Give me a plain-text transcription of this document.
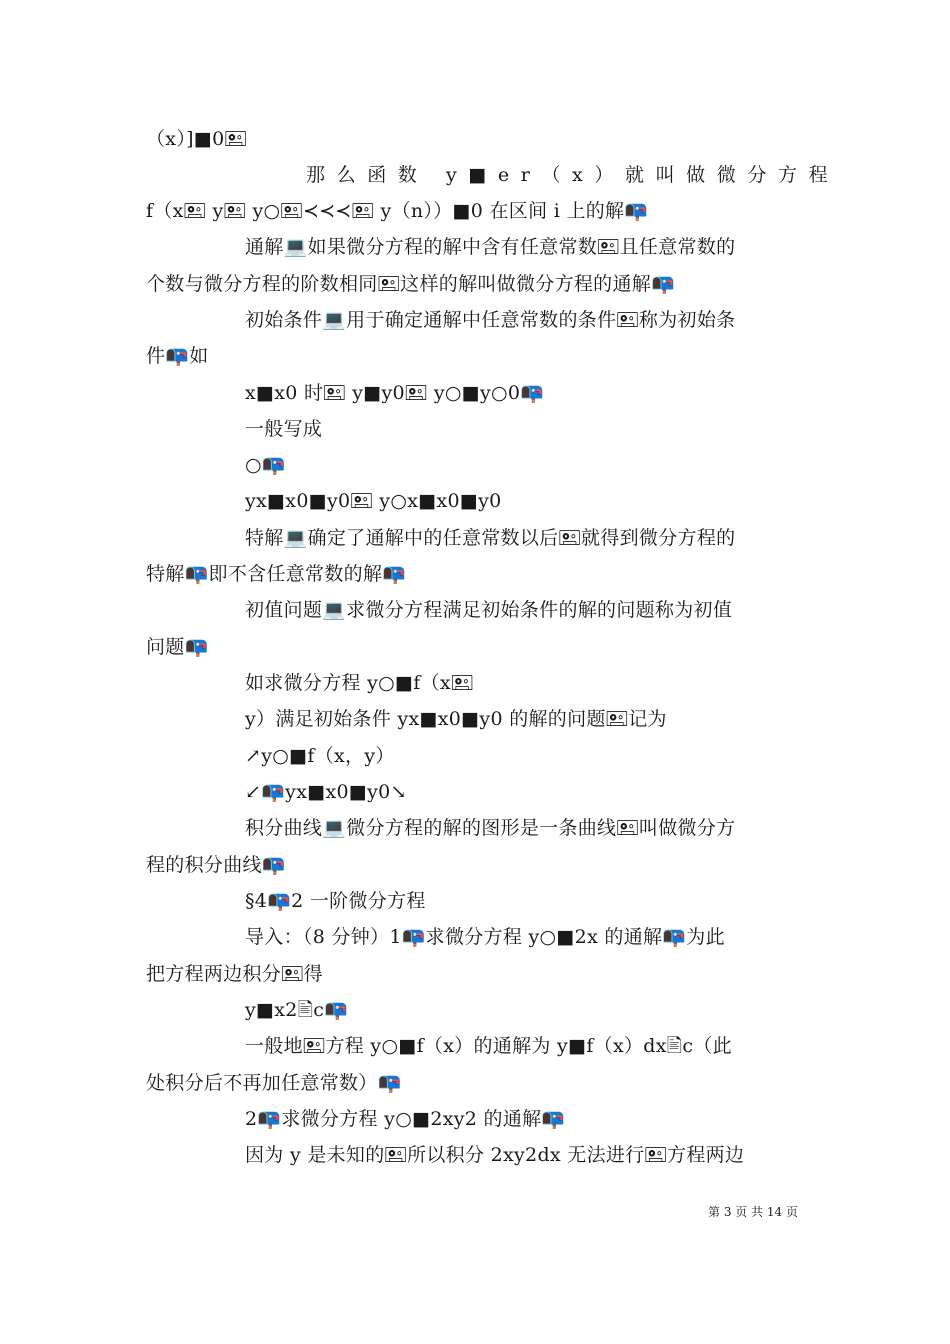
（x）]■0🖭
那么函数 y■er（x）就叫做微分方程
f（x🖭 y🖭 y○🖭≺≺≺🖭 y（n））■0 在区间 i 上的解📭
通解💻如果微分方程的解中含有任意常数🖭且任意常数的
个数与微分方程的阶数相同🖭这样的解叫做微分方程的通解📭
初始条件💻用于确定通解中任意常数的条件🖭称为初始条
件📭如
x■x0 时🖭 y■y0🖭 y○■y○0📭
一般写成
○📭
yx■x0■y0🖭 y○x■x0■y0
特解💻确定了通解中的任意常数以后🖭就得到微分方程的
特解📭即不含任意常数的解📭
初值问题💻求微分方程满足初始条件的解的问题称为初值
问题📭
如求微分方程 y○■f（x🖭
y）满足初始条件 yx■x0■y0 的解的问题🖭记为
↗y○■f（x，y）
↙📭yx■x0■y0↘
积分曲线💻微分方程的解的图形是一条曲线🖭叫做微分方
程的积分曲线📭
§4📭2 一阶微分方程
导入：（8 分钟）1📭求微分方程 y○■2x 的通解📭为此
把方程两边积分🖭得
y■x2🖹c📭
一般地🖭方程 y○■f（x）的通解为 y■f（x）dx🖹c（此
处积分后不再加任意常数）📭
2📭求微分方程 y○■2xy2 的通解📭
因为 y 是未知的🖭所以积分 2xy2dx 无法进行🖭方程两边
第 3 页 共 14 页
